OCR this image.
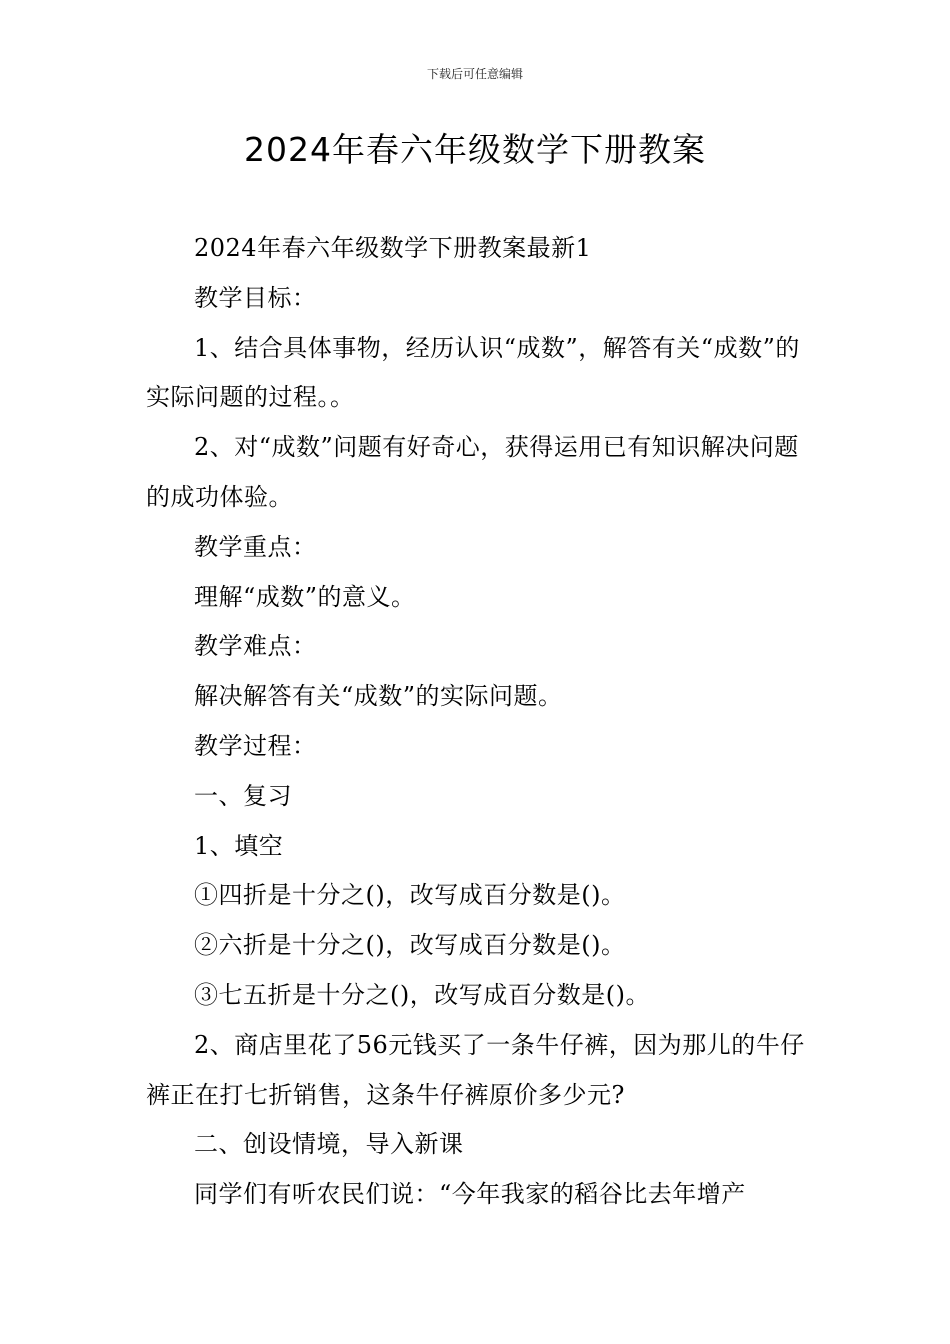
下载后可任意编辑
2024年春六年级数学下册教案

2024年春六年级数学下册教案最新1

教学目标：

1、结合具体事物，经历认识“成数”，解答有关“成数”的实际问题的过程。。

2、对“成数”问题有好奇心，获得运用已有知识解决问题的成功体验。

教学重点：

理解“成数”的意义。

教学难点：

解决解答有关“成数”的实际问题。

教学过程：

一、复习

1、填空

①四折是十分之()，改写成百分数是()。

②六折是十分之()，改写成百分数是()。

③七五折是十分之()，改写成百分数是()。

2、商店里花了56元钱买了一条牛仔裤，因为那儿的牛仔裤正在打七折销售，这条牛仔裤原价多少元?

二、创设情境，导入新课

同学们有听农民们说：“今年我家的稻谷比去年增产
